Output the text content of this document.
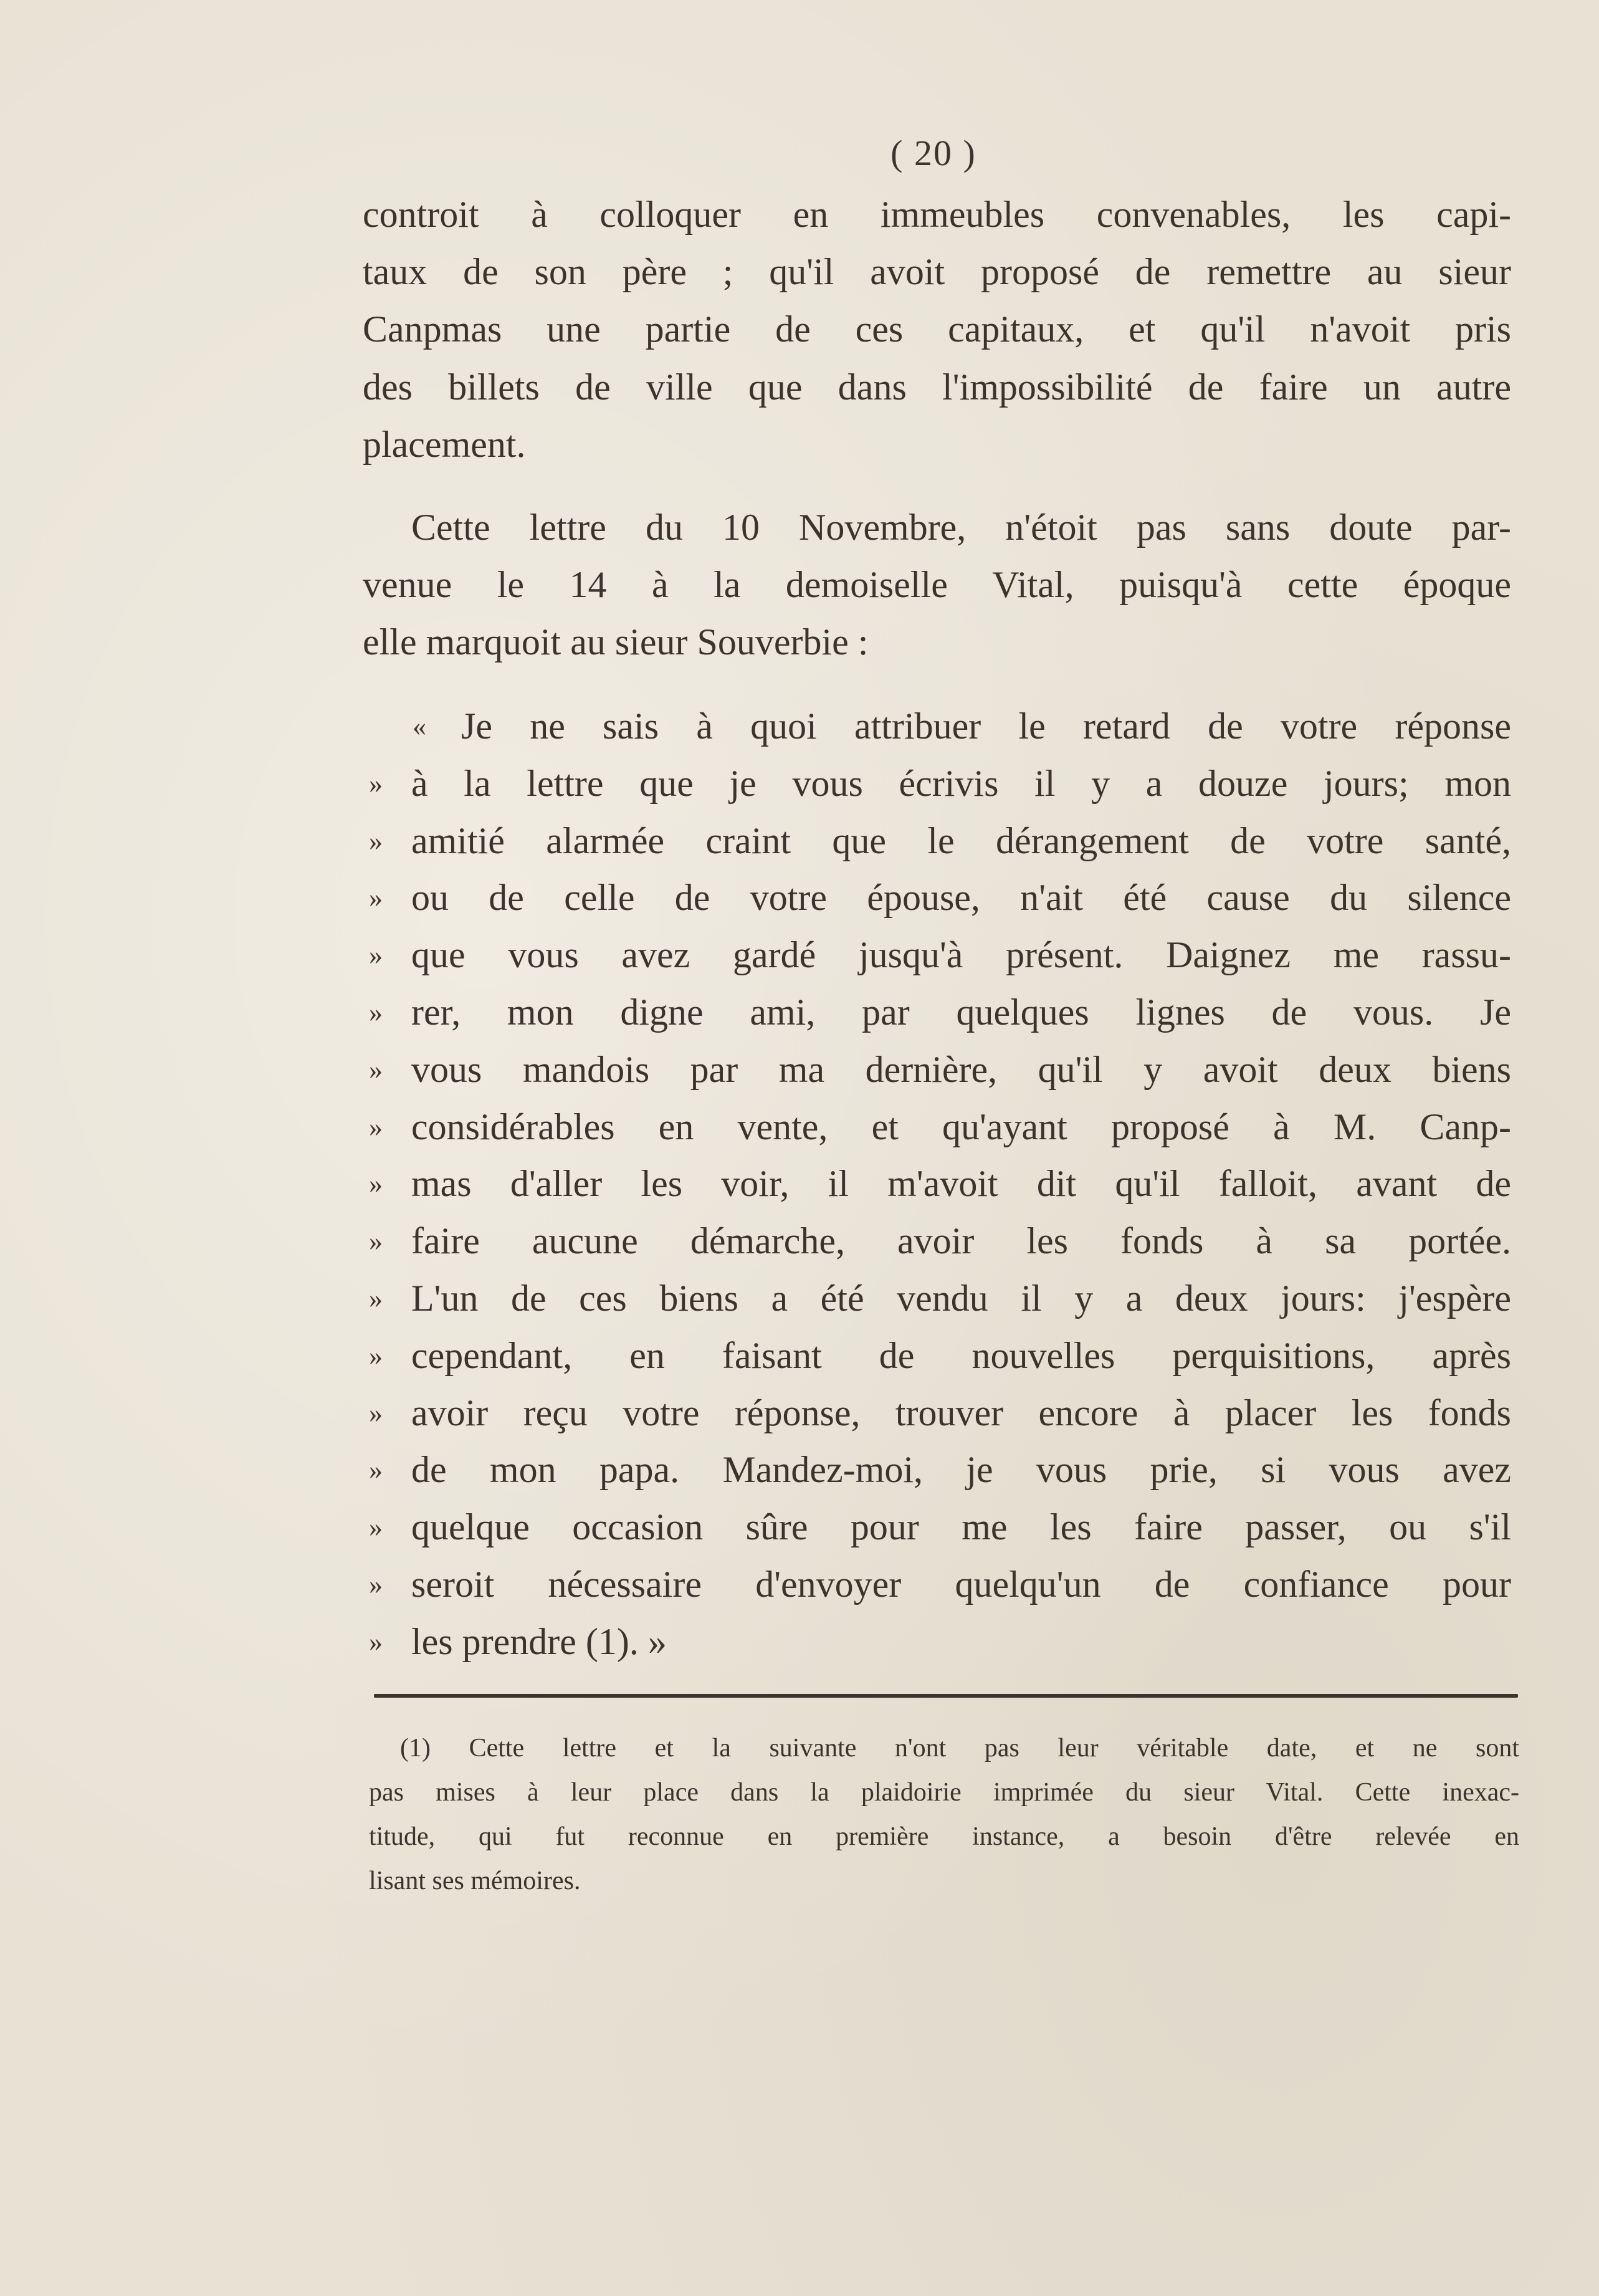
( 20 )
controit à colloquer en immeubles convenables, les capi-
taux de son père ; qu'il avoit proposé de remettre au sieur
Canpmas une partie de ces capitaux, et qu'il n'avoit pris
des billets de ville que dans l'impossibilité de faire un autre
placement.
Cette lettre du 10 Novembre, n'étoit pas sans doute par-
venue le 14 à la demoiselle Vital, puisqu'à cette époque
elle marquoit au sieur Souverbie :
« Je ne sais à quoi attribuer le retard de votre réponse
» à la lettre que je vous écrivis il y a douze jours; mon
» amitié alarmée craint que le dérangement de votre santé,
» ou de celle de votre épouse, n'ait été cause du silence
» que vous avez gardé jusqu'à présent. Daignez me rassu-
» rer, mon digne ami, par quelques lignes de vous. Je
» vous mandois par ma dernière, qu'il y avoit deux biens
» considérables en vente, et qu'ayant proposé à M. Canp-
» mas d'aller les voir, il m'avoit dit qu'il falloit, avant de
» faire aucune démarche, avoir les fonds à sa portée.
» L'un de ces biens a été vendu il y a deux jours: j'espère
» cependant, en faisant de nouvelles perquisitions, après
» avoir reçu votre réponse, trouver encore à placer les fonds
» de mon papa. Mandez-moi, je vous prie, si vous avez
» quelque occasion sûre pour me les faire passer, ou s'il
» seroit nécessaire d'envoyer quelqu'un de confiance pour
» les prendre (1). »
(1) Cette lettre et la suivante n'ont pas leur véritable date, et ne sont
pas mises à leur place dans la plaidoirie imprimée du sieur Vital. Cette inexac-
titude, qui fut reconnue en première instance, a besoin d'être relevée en
lisant ses mémoires.
